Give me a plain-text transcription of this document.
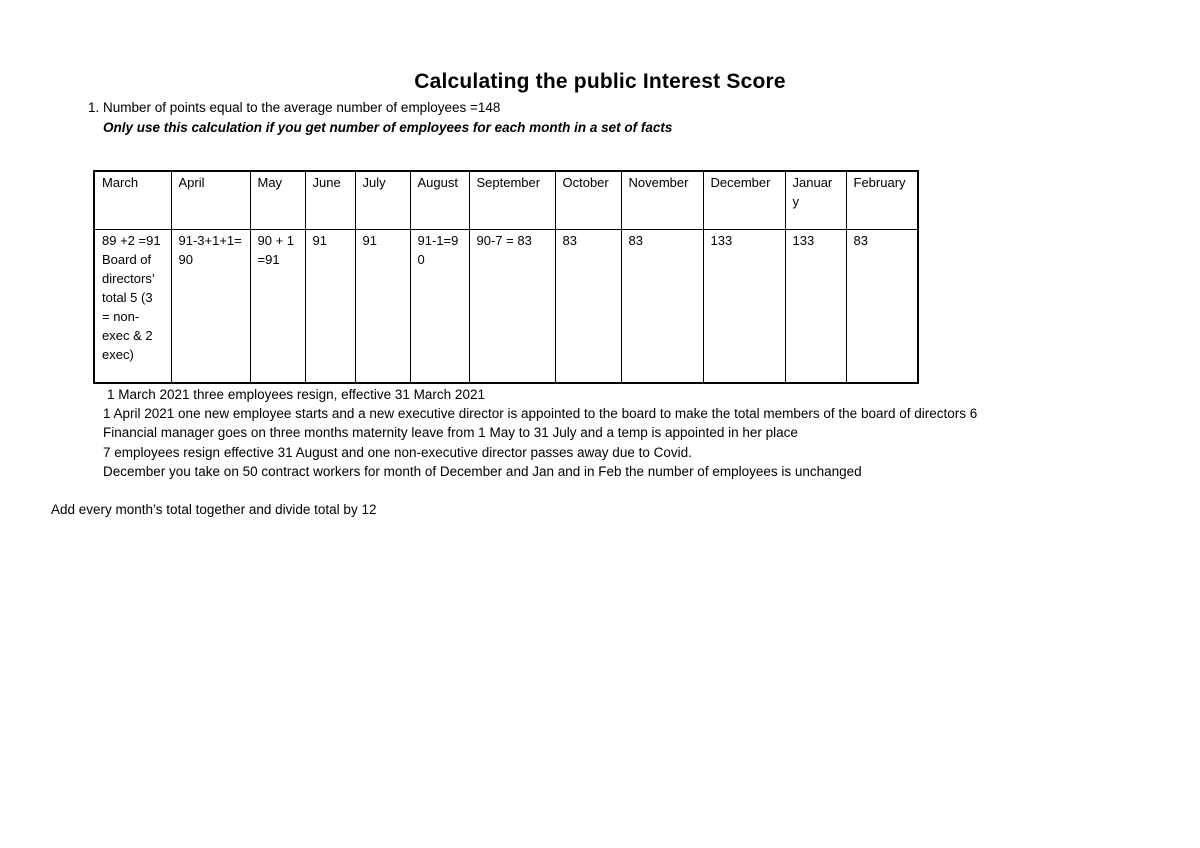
Calculating the public Interest Score
1. Number of points equal to the average number of employees =148
Only use this calculation if you get number of employees for each month in a set of facts
March	April	May	June	July	August	September	October	November	December	January	February
89 +2 =91 Board of directors’ total 5 (3 = non-exec & 2 exec)	91-3+1+1=90	90 + 1=91	91	91	91-1=90	90-7 = 83	83	83	133	133	83
1 March 2021 three employees resign, effective 31 March 2021
1 April 2021 one new employee starts and a new executive director is appointed to the board to make the total members of the board of directors 6
Financial manager goes on three months maternity leave from 1 May to 31 July and a temp is appointed in her place
7 employees resign effective 31 August and one non-executive director passes away due to Covid.
December you take on 50 contract workers for month of December and Jan and in Feb the number of employees is unchanged
Add every month’s total together and divide total by 12
